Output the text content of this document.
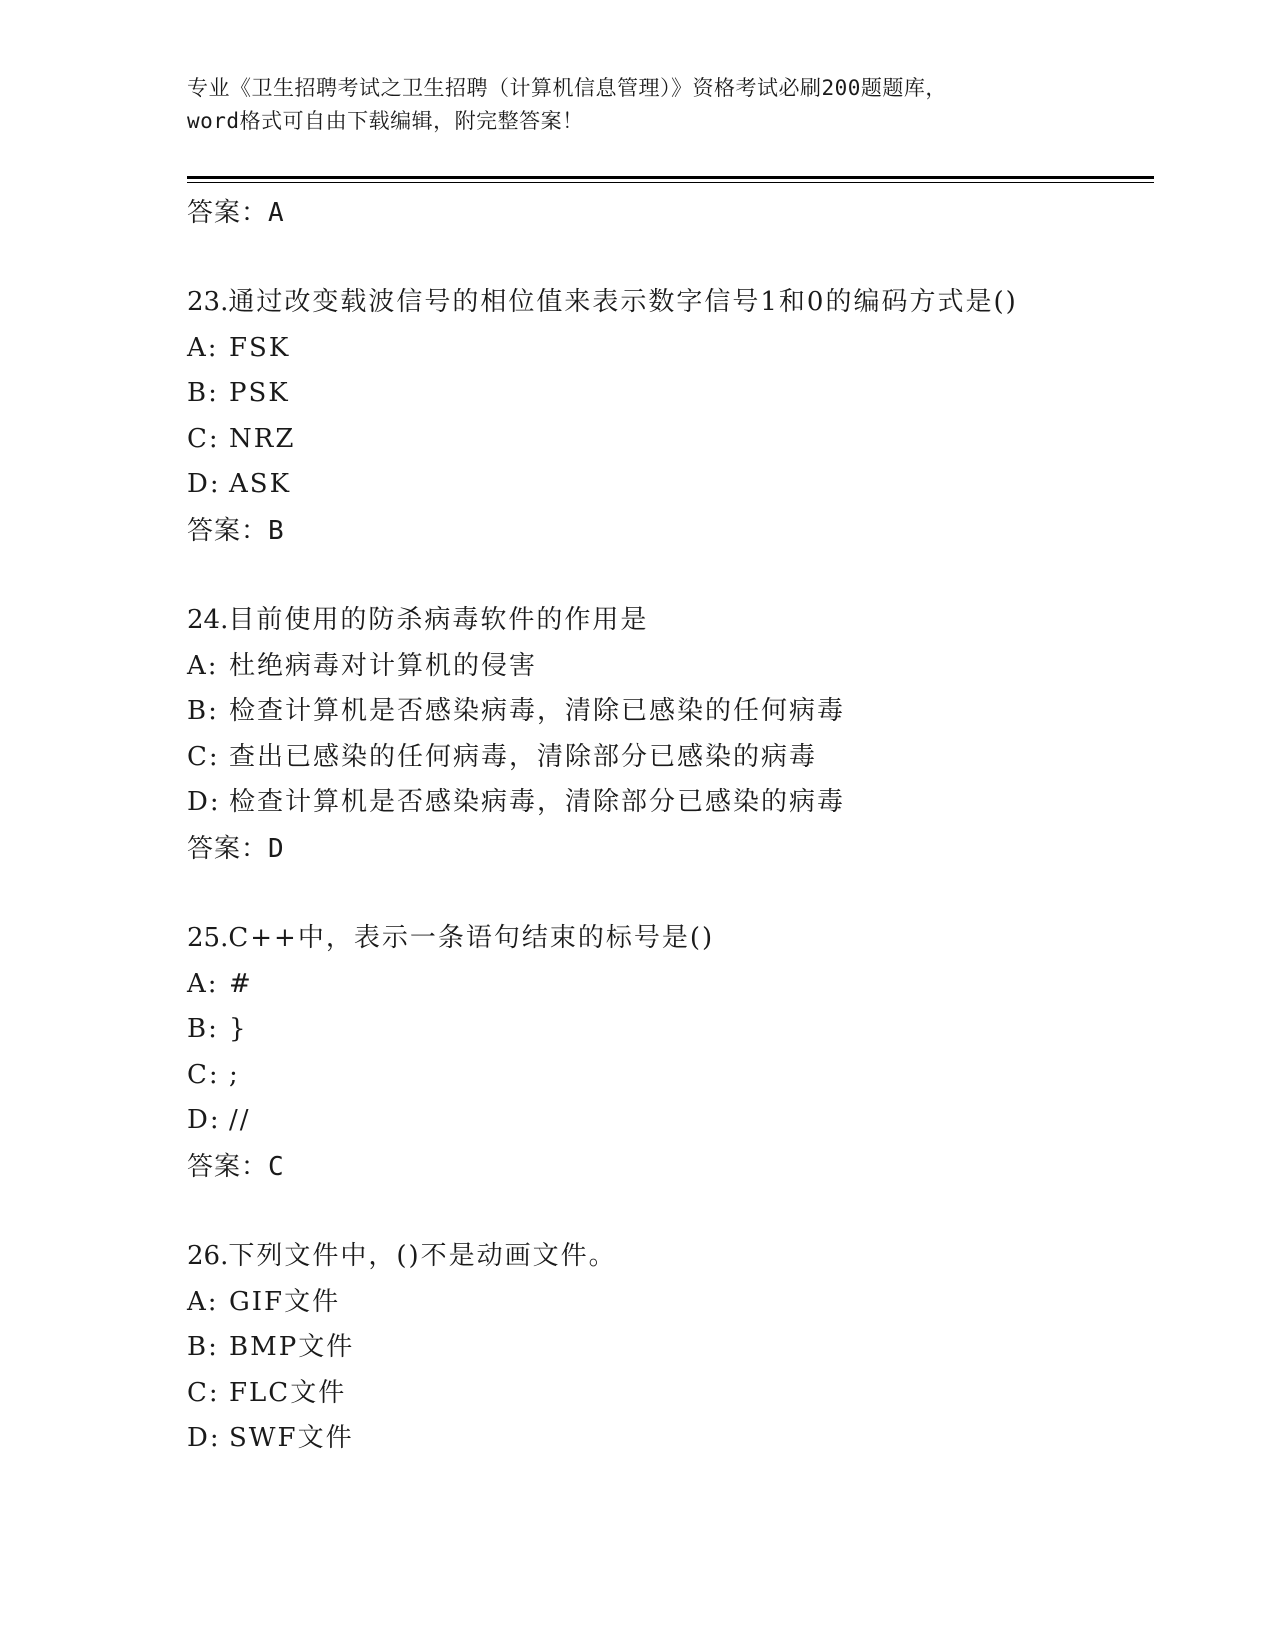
专业《卫生招聘考试之卫生招聘（计算机信息管理）》资格考试必刷200题题库，
word格式可自由下载编辑，附完整答案！
答案：A
23.通过改变载波信号的相位值来表示数字信号1和0的编码方式是()
A: FSK
B: PSK
C: NRZ
D: ASK
答案：B
24.目前使用的防杀病毒软件的作用是
A: 杜绝病毒对计算机的侵害
B: 检查计算机是否感染病毒，清除已感染的任何病毒
C: 查出已感染的任何病毒，清除部分已感染的病毒
D: 检查计算机是否感染病毒，清除部分已感染的病毒
答案：D
25.C++中，表示一条语句结束的标号是()
A: #
B: }
C: ;
D: //
答案：C
26.下列文件中，()不是动画文件。
A: GIF文件
B: BMP文件
C: FLC文件
D: SWF文件
